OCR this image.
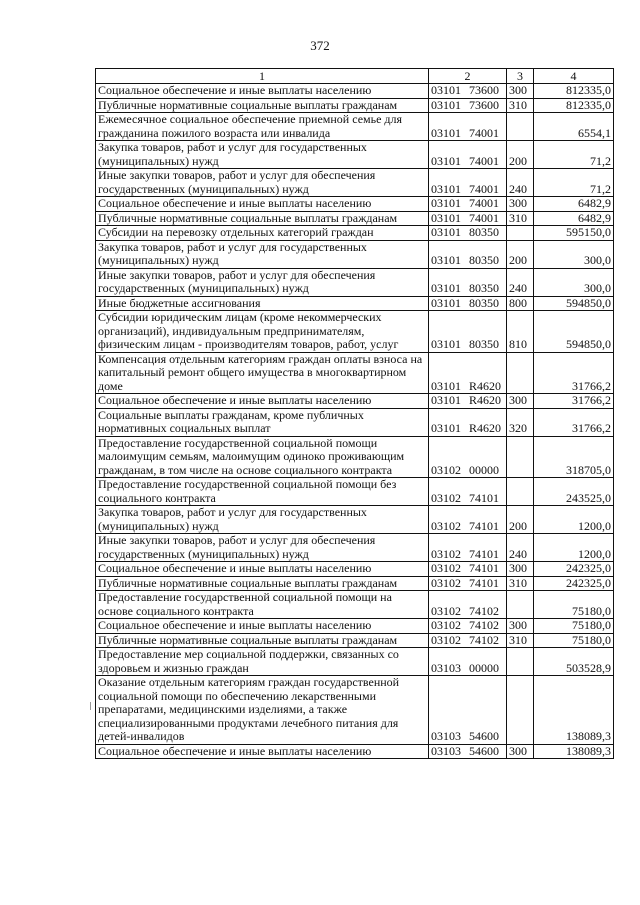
372
1	2	3	4
Социальное обеспечение и иные выплаты населению	03101 73600	300	812335,0
Публичные нормативные социальные выплаты гражданам	03101 73600	310	812335,0
Ежемесячное социальное обеспечение приемной семье для гражданина пожилого возраста или инвалида	03101 74001		6554,1
Закупка товаров, работ и услуг для государственных (муниципальных) нужд	03101 74001	200	71,2
Иные закупки товаров, работ и услуг для обеспечения государственных (муниципальных) нужд	03101 74001	240	71,2
Социальное обеспечение и иные выплаты населению	03101 74001	300	6482,9
Публичные нормативные социальные выплаты гражданам	03101 74001	310	6482,9
Субсидии на перевозку отдельных категорий граждан	03101 80350		595150,0
Закупка товаров, работ и услуг для государственных (муниципальных) нужд	03101 80350	200	300,0
Иные закупки товаров, работ и услуг для обеспечения государственных (муниципальных) нужд	03101 80350	240	300,0
Иные бюджетные ассигнования	03101 80350	800	594850,0
Субсидии юридическим лицам (кроме некоммерческих организаций), индивидуальным предпринимателям, физическим лицам - производителям товаров, работ, услуг	03101 80350	810	594850,0
Компенсация отдельным категориям граждан оплаты взноса на капитальный ремонт общего имущества в многоквартирном доме	03101 R4620		31766,2
Социальное обеспечение и иные выплаты населению	03101 R4620	300	31766,2
Социальные выплаты гражданам, кроме публичных нормативных социальных выплат	03101 R4620	320	31766,2
Предоставление государственной социальной помощи малоимущим семьям, малоимущим одиноко проживающим гражданам, в том числе на основе социального контракта	03102 00000		318705,0
Предоставление государственной социальной помощи без социального контракта	03102 74101		243525,0
Закупка товаров, работ и услуг для государственных (муниципальных) нужд	03102 74101	200	1200,0
Иные закупки товаров, работ и услуг для обеспечения государственных (муниципальных) нужд	03102 74101	240	1200,0
Социальное обеспечение и иные выплаты населению	03102 74101	300	242325,0
Публичные нормативные социальные выплаты гражданам	03102 74101	310	242325,0
Предоставление государственной социальной помощи на основе социального контракта	03102 74102		75180,0
Социальное обеспечение и иные выплаты населению	03102 74102	300	75180,0
Публичные нормативные социальные выплаты гражданам	03102 74102	310	75180,0
Предоставление мер социальной поддержки, связанных со здоровьем и жизнью граждан	03103 00000		503528,9
Оказание отдельным категориям граждан государственной социальной помощи по обеспечению лекарственными препаратами, медицинскими изделиями, а также специализированными продуктами лечебного питания для детей-инвалидов	03103 54600		138089,3
Социальное обеспечение и иные выплаты населению	03103 54600	300	138089,3
